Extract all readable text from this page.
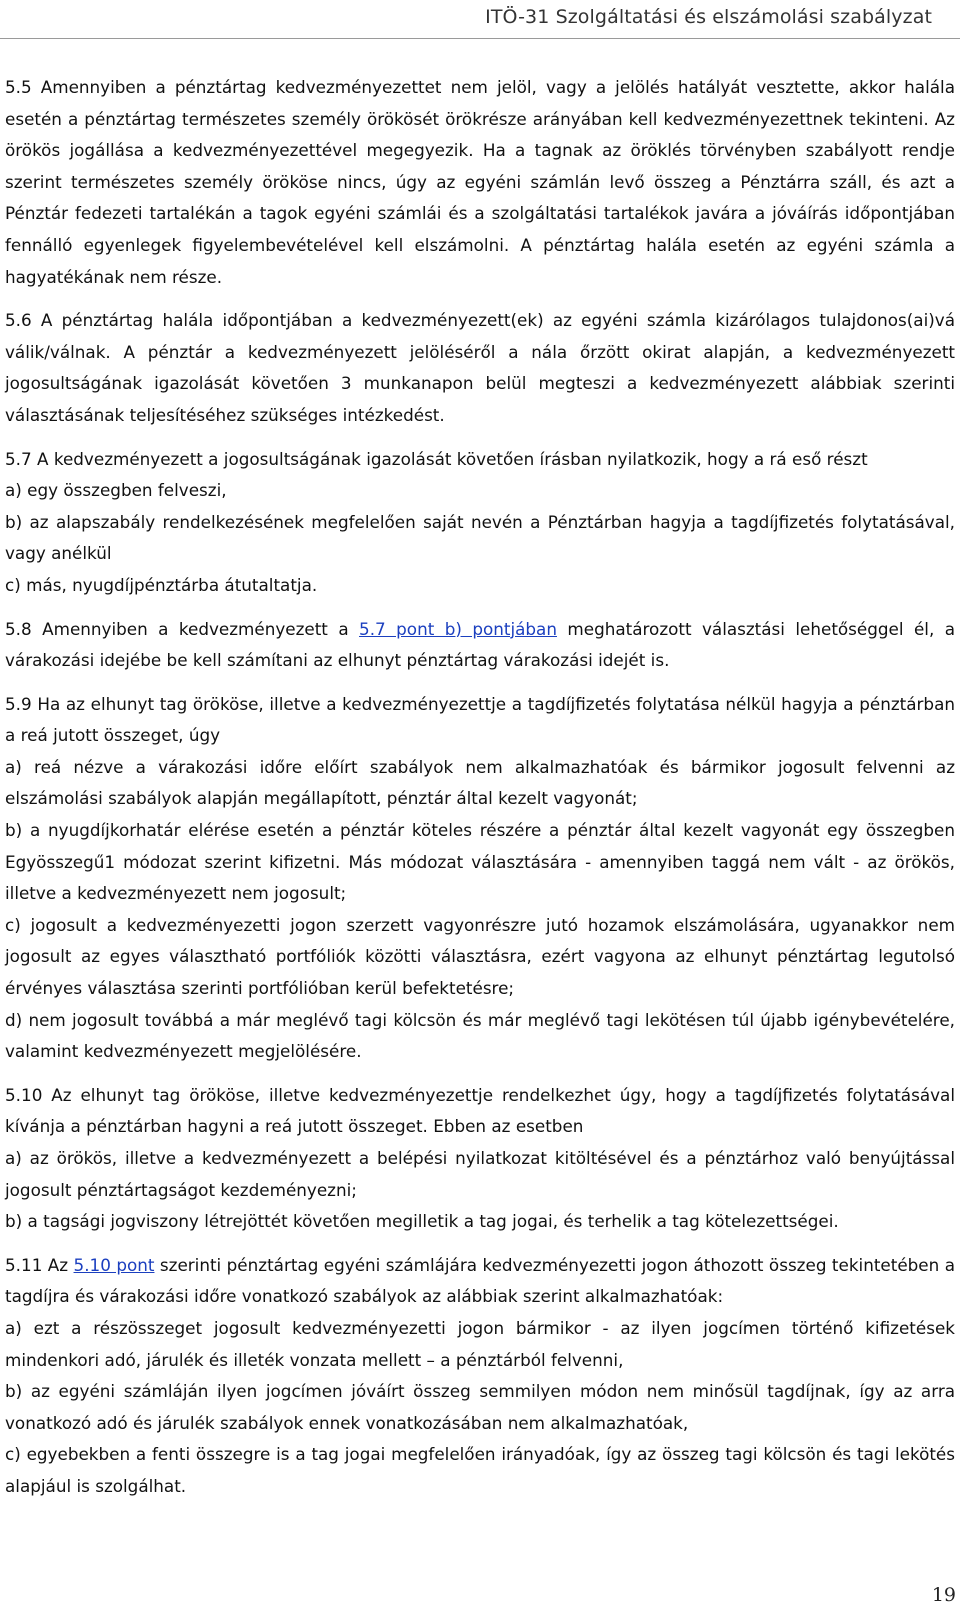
ITÖ-31 Szolgáltatási és elszámolási szabályzat

5.5 Amennyiben a pénztártag kedvezményezettet nem jelöl, vagy a jelölés hatályát vesztette, akkor halála esetén a pénztártag természetes személy örökösét örökrésze arányában kell kedvezményezettnek tekinteni. Az örökös jogállása a kedvezményezettével megegyezik. Ha a tagnak az öröklés törvényben szabályott rendje szerint természetes személy örököse nincs, úgy az egyéni számlán levő összeg a Pénztárra száll, és azt a Pénztár fedezeti tartalékán a tagok egyéni számlái és a szolgáltatási tartalékok javára a jóváírás időpontjában fennálló egyenlegek figyelembevételével kell elszámolni. A pénztártag halála esetén az egyéni számla a hagyatékának nem része.

5.6 A pénztártag halála időpontjában a kedvezményezett(ek) az egyéni számla kizárólagos tulajdonos(ai)vá válik/válnak. A pénztár a kedvezményezett jelöléséről a nála őrzött okirat alapján, a kedvezményezett jogosultságának igazolását követően 3 munkanapon belül megteszi a kedvezményezett alábbiak szerinti választásának teljesítéséhez szükséges intézkedést.

5.7 A kedvezményezett a jogosultságának igazolását követően írásban nyilatkozik, hogy a rá eső részt

a) egy összegben felveszi,

b) az alapszabály rendelkezésének megfelelően saját nevén a Pénztárban hagyja a tagdíjfizetés folytatásával, vagy anélkül

c) más, nyugdíjpénztárba átutaltatja.

5.8 Amennyiben a kedvezményezett a 5.7 pont b) pontjában meghatározott választási lehetőséggel él, a várakozási idejébe be kell számítani az elhunyt pénztártag várakozási idejét is.

5.9 Ha az elhunyt tag örököse, illetve a kedvezményezettje a tagdíjfizetés folytatása nélkül hagyja a pénztárban a reá jutott összeget, úgy

a) reá nézve a várakozási időre előírt szabályok nem alkalmazhatóak és bármikor jogosult felvenni az elszámolási szabályok alapján megállapított, pénztár által kezelt vagyonát;

b) a nyugdíjkorhatár elérése esetén a pénztár köteles részére a pénztár által kezelt vagyonát egy összegben Egyösszegű1 módozat szerint kifizetni. Más módozat választására - amennyiben taggá nem vált - az örökös, illetve a kedvezményezett nem jogosult;

c) jogosult a kedvezményezetti jogon szerzett vagyonrészre jutó hozamok elszámolására, ugyanakkor nem jogosult az egyes választható portfóliók közötti választásra, ezért vagyona az elhunyt pénztártag legutolsó érvényes választása szerinti portfólióban kerül befektetésre;

d) nem jogosult továbbá a már meglévő tagi kölcsön és már meglévő tagi lekötésen túl újabb igénybevételére, valamint kedvezményezett megjelölésére.

5.10 Az elhunyt tag örököse, illetve kedvezményezettje rendelkezhet úgy, hogy a tagdíjfizetés folytatásával kívánja a pénztárban hagyni a reá jutott összeget. Ebben az esetben

a) az örökös, illetve a kedvezményezett a belépési nyilatkozat kitöltésével és a pénztárhoz való benyújtással jogosult pénztártagságot kezdeményezni;

b) a tagsági jogviszony létrejöttét követően megilletik a tag jogai, és terhelik a tag kötelezettségei.

5.11 Az 5.10 pont szerinti pénztártag egyéni számlájára kedvezményezetti jogon áthozott összeg tekintetében a tagdíjra és várakozási időre vonatkozó szabályok az alábbiak szerint alkalmazhatóak:

a) ezt a részösszeget jogosult kedvezményezetti jogon bármikor - az ilyen jogcímen történő kifizetések mindenkori adó, járulék és illeték vonzata mellett – a pénztárból felvenni,

b) az egyéni számláján ilyen jogcímen jóváírt összeg semmilyen módon nem minősül tagdíjnak, így az arra vonatkozó adó és járulék szabályok ennek vonatkozásában nem alkalmazhatóak,

c) egyebekben a fenti összegre is a tag jogai megfelelően irányadóak, így az összeg tagi kölcsön és tagi lekötés alapjául is szolgálhat.

19
